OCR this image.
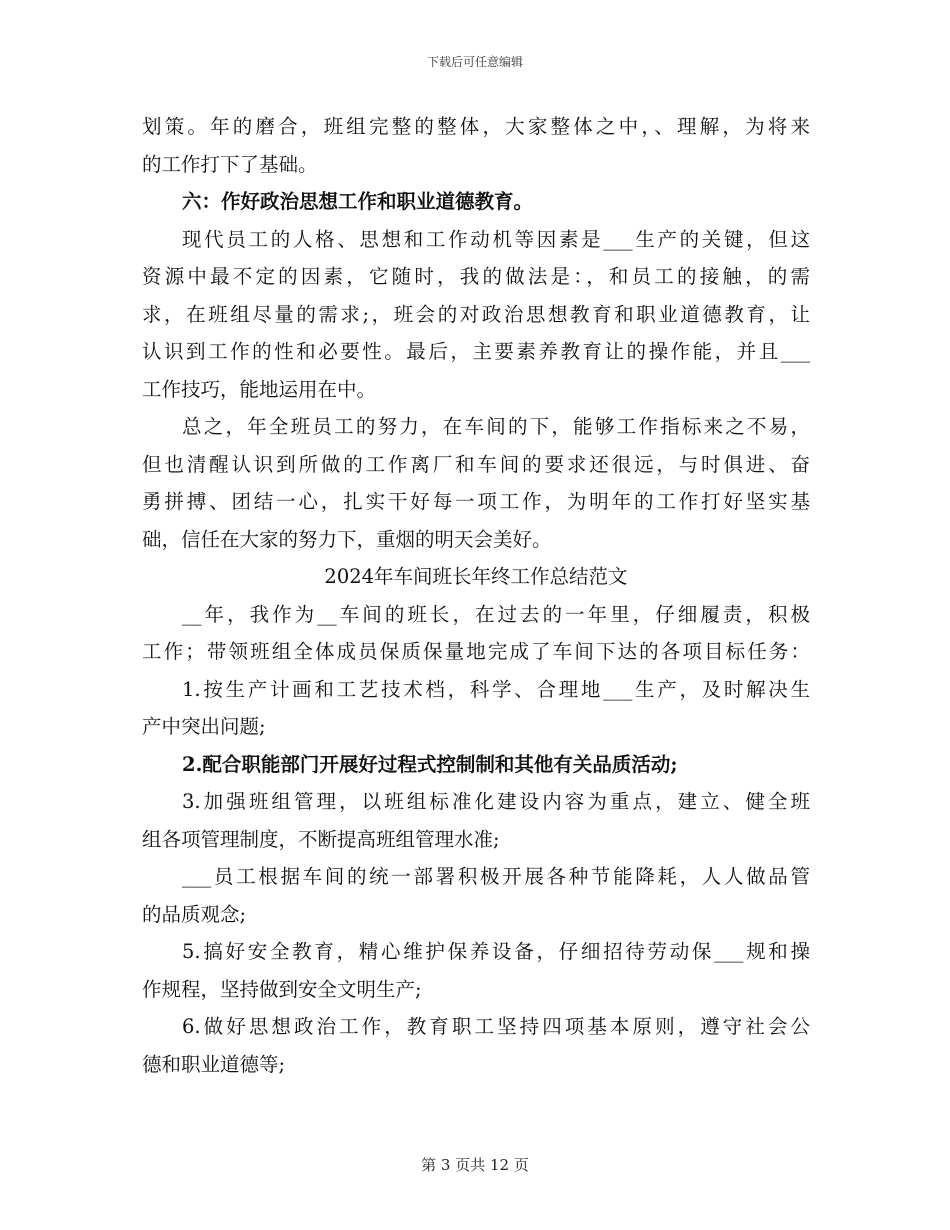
下载后可任意编辑
划策。年的磨合，班组完整的整体，大家整体之中，、理解，为将来
的工作打下了基础。
六：作好政治思想工作和职业道德教育。
现代员工的人格、思想和工作动机等因素是___生产的关键，但这
资源中最不定的因素，它随时，我的做法是：，和员工的接触，的需
求，在班组尽量的需求;，班会的对政治思想教育和职业道德教育，让
认识到工作的性和必要性。最后，主要素养教育让的操作能，并且___
工作技巧，能地运用在中。
总之，年全班员工的努力，在车间的下，能够工作指标来之不易，
但也清醒认识到所做的工作离厂和车间的要求还很远，与时俱进、奋
勇拼搏、团结一心，扎实干好每一项工作，为明年的工作打好坚实基
础，信任在大家的努力下，重烟的明天会美好。
2024年车间班长年终工作总结范文
__年，我作为__车间的班长，在过去的一年里，仔细履责，积极
工作；带领班组全体成员保质保量地完成了车间下达的各项目标任务：
1.按生产计画和工艺技术档，科学、合理地___生产，及时解决生
产中突出问题;
2.配合职能部门开展好过程式控制制和其他有关品质活动;
3.加强班组管理，以班组标准化建设内容为重点，建立、健全班
组各项管理制度，不断提高班组管理水准;
___员工根据车间的统一部署积极开展各种节能降耗，人人做品管
的品质观念;
5.搞好安全教育，精心维护保养设备，仔细招待劳动保___规和操
作规程，坚持做到安全文明生产;
6.做好思想政治工作，教育职工坚持四项基本原则，遵守社会公
德和职业道德等;
第 3 页共 12 页
